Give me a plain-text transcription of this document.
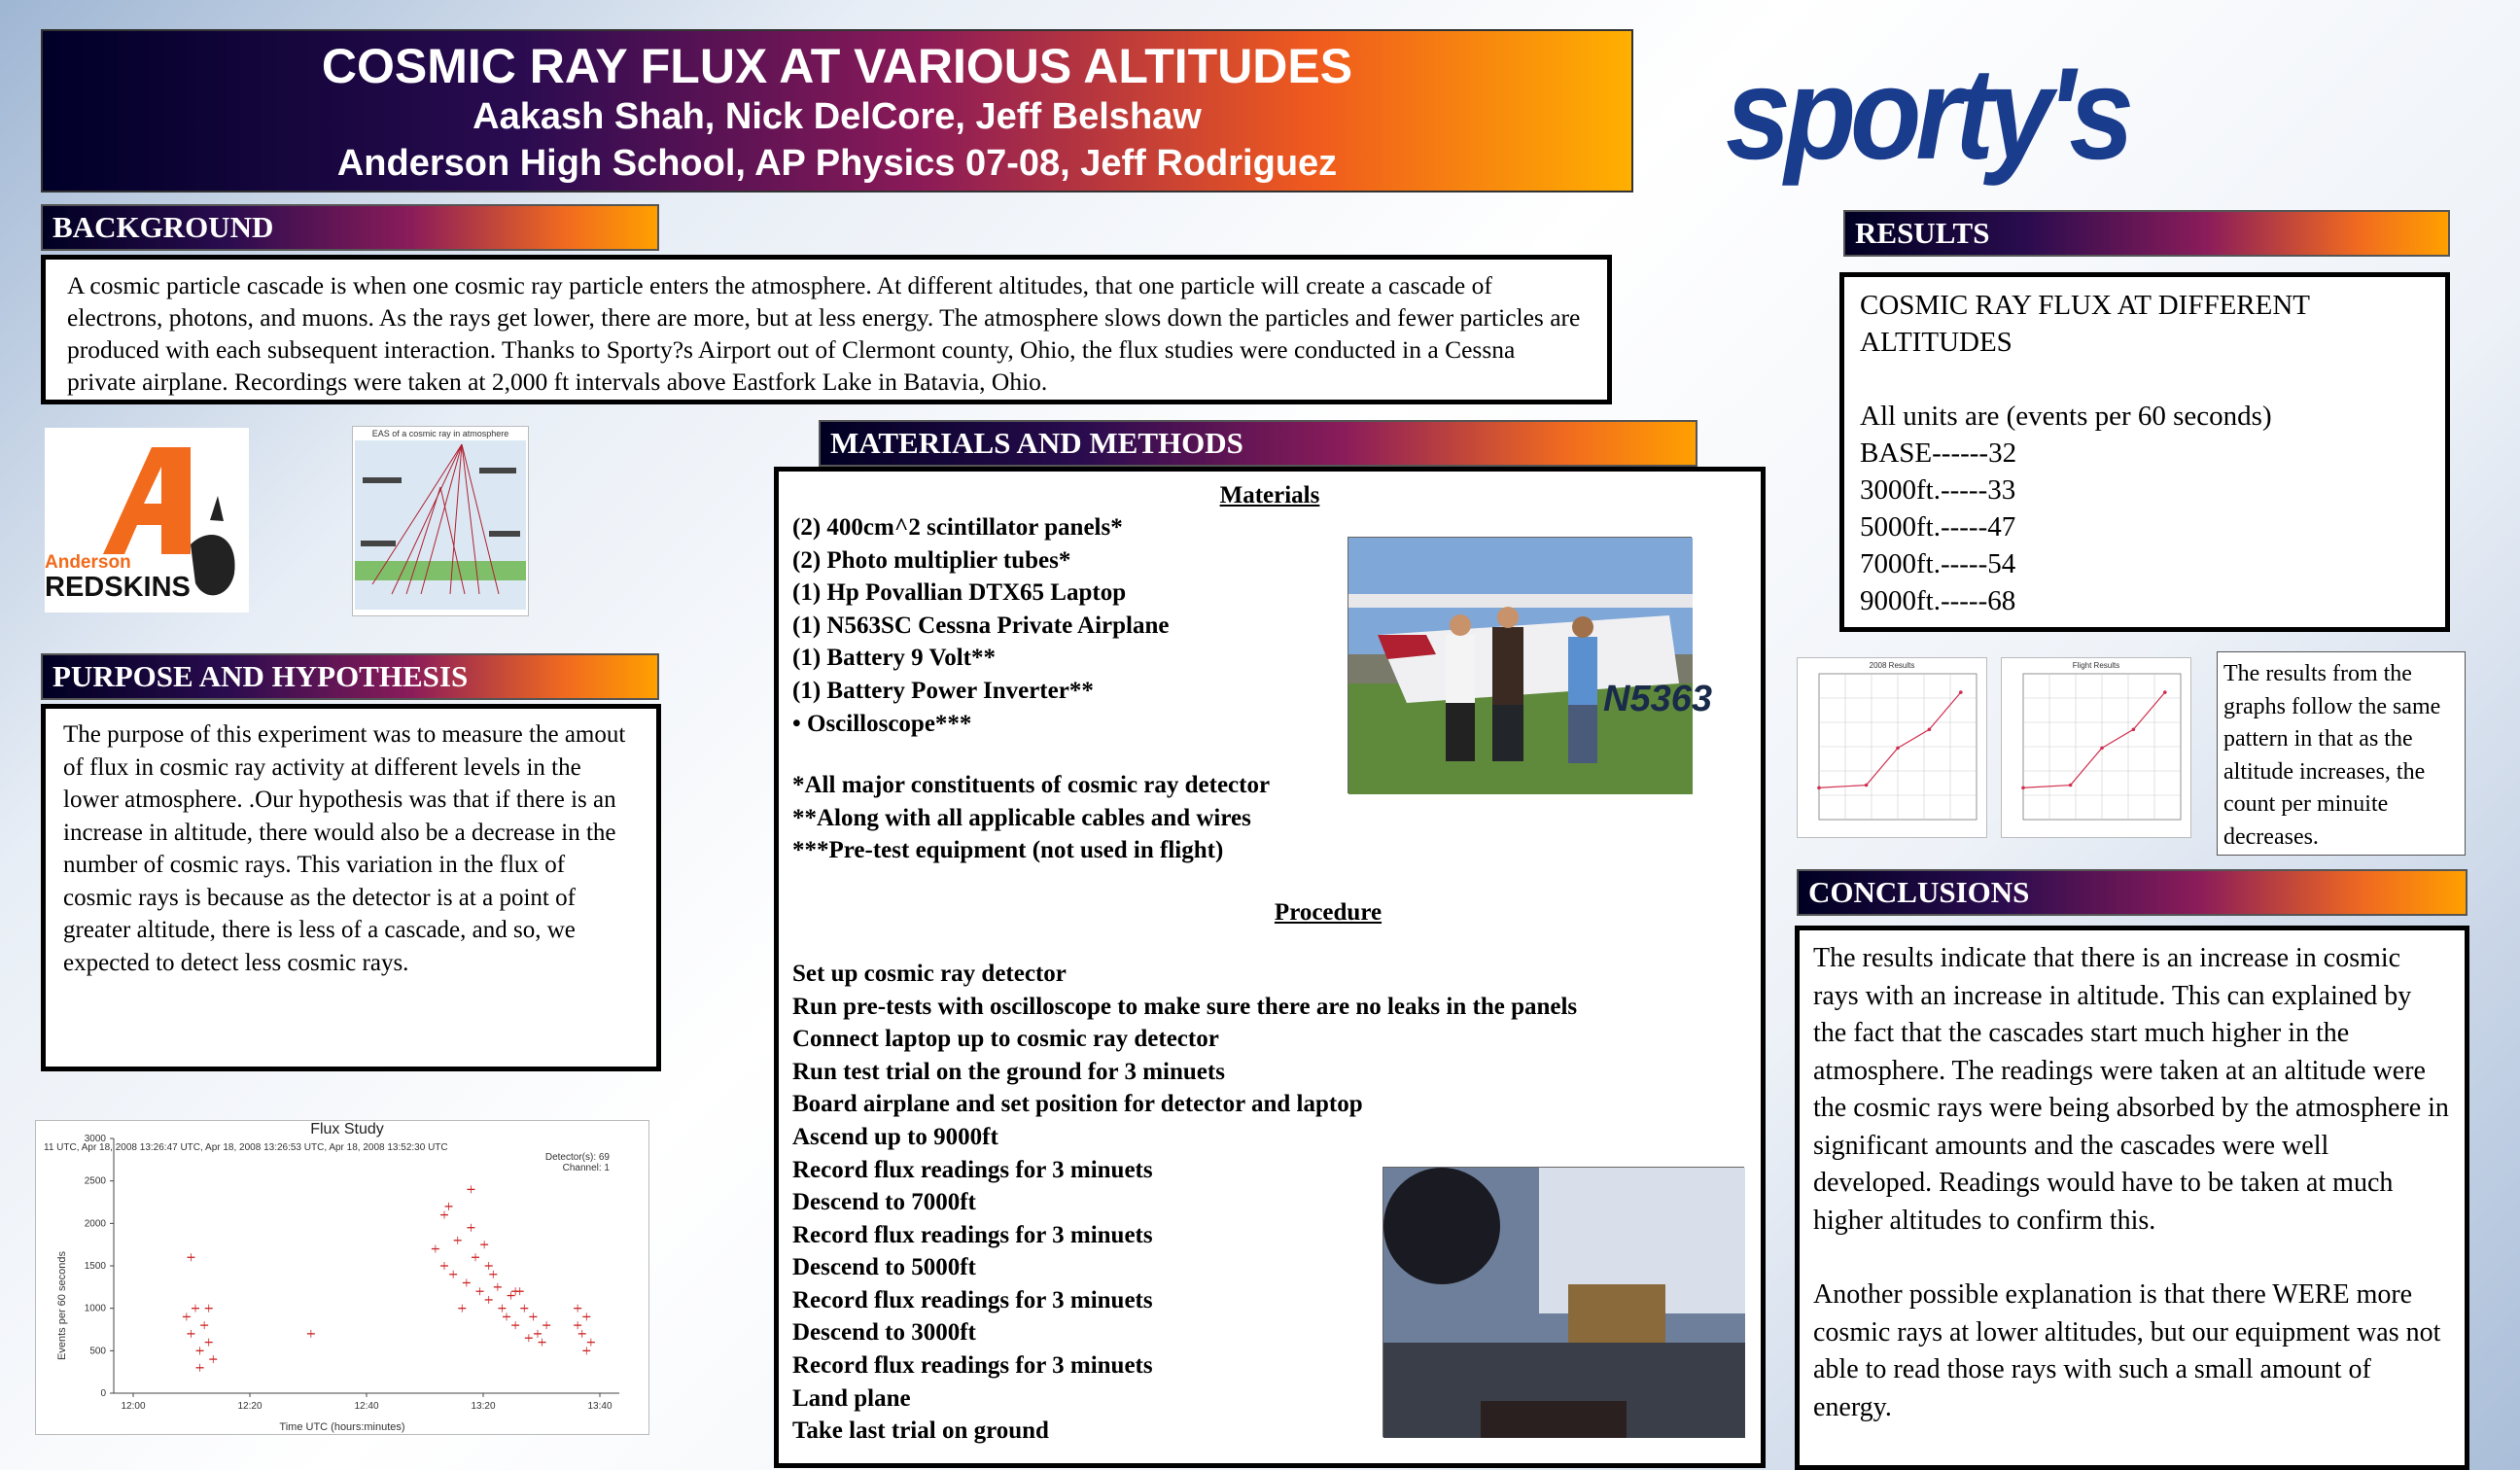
COSMIC RAY FLUX AT VARIOUS ALTITUDES
Aakash Shah, Nick DelCore, Jeff Belshaw
Anderson High School, AP Physics 07-08, Jeff Rodriguez	sporty's
BACKGROUND
A cosmic particle cascade is when one cosmic ray particle enters the atmosphere. At different altitudes, that one particle will create a cascade of electrons, photons, and muons. As the rays get lower, there are more, but at less energy. The atmosphere slows down the particles and fewer particles are produced with each subsequent interaction. Thanks to Sporty?s Airport out of Clermont county, Ohio, the flux studies were conducted in a Cessna private airplane. Recordings were taken at 2,000 ft intervals above Eastfork Lake in Batavia, Ohio.
Anderson
REDSKINS
EAS of a cosmic ray in atmosphere
PURPOSE AND HYPOTHESIS
The purpose of this experiment was to measure the amout of flux in cosmic ray activity at different levels in the lower atmosphere. .Our hypothesis was that if there is an increase in altitude, there would also be a decrease in the number of cosmic rays. This variation in the flux of cosmic rays is because as the detector is at a point of greater altitude, there is less of a cascade, and so, we expected to detect less cosmic rays.
Flux Study
11 UTC, Apr 18, 2008 13:26:47 UTC, Apr 18, 2008 13:26:53 UTC, Apr 18, 2008 13:52:30 UTC
Detector(s): 69
Channel: 1
Events per 60 seconds
Time UTC (hours:minutes)
0
500
1000
1500
2000
2500
3000
12:00	12:20	12:40	13:20	13:40
MATERIALS AND METHODS
Materials
(2) 400cm^2 scintillator panels*
(2) Photo multiplier tubes*
(1) Hp Povallian DTX65 Laptop
(1) N563SC Cessna Private Airplane
(1) Battery 9 Volt**
(1) Battery Power Inverter**
• Oscilloscope***
*All major constituents of cosmic ray detector
**Along with all applicable cables and wires
***Pre-test equipment (not used in flight)
Procedure
Set up cosmic ray detector
Run pre-tests with oscilloscope to make sure there are no leaks in the panels
Connect laptop up to cosmic ray detector
Run test trial on the ground for 3 minuets
Board airplane and set position for detector and laptop
Ascend up to 9000ft
Record flux readings for 3 minuets
Descend to 7000ft
Record flux readings for 3 minuets
Descend to 5000ft
Record flux readings for 3 minuets
Descend to 3000ft
Record flux readings for 3 minuets
Land plane
Take last trial on ground
N5363
RESULTS
COSMIC RAY FLUX AT DIFFERENT ALTITUDES
All units are (events per 60 seconds)
BASE------32
3000ft.-----33
5000ft.-----47
7000ft.-----54
9000ft.-----68
2008 Results	Flight Results	The results from the graphs follow the same pattern in that as the altitude increases, the count per minuite decreases.
CONCLUSIONS
The results indicate that there is an increase in cosmic rays with an increase in altitude. This can explained by the fact that the cascades start much higher in the atmosphere. The readings were taken at an altitude were the cosmic rays were being absorbed by the atmosphere in significant amounts and the cascades were well developed. Readings would have to be taken at much higher altitudes to confirm this.
Another possible explanation is that there WERE more cosmic rays at lower altitudes, but our equipment was not able to read those rays with such a small amount of energy.
